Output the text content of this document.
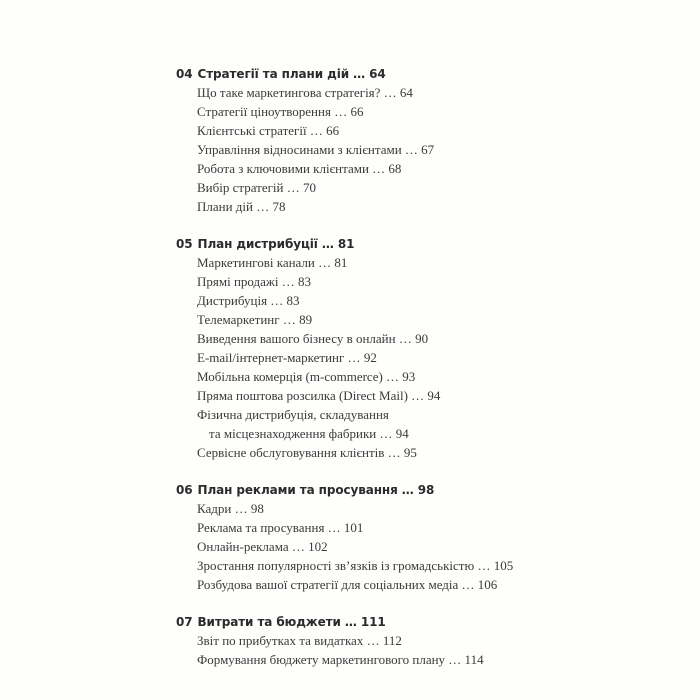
04 Стратегії та плани дій … 64
Що таке маркетингова стратегія? … 64
Стратегії ціноутворення … 66
Клієнтські стратегії … 66
Управління відносинами з клієнтами … 67
Робота з ключовими клієнтами … 68
Вибір стратегій … 70
Плани дій … 78
05 План дистрибуції … 81
Маркетингові канали … 81
Прямі продажі … 83
Дистрибуція … 83
Телемаркетинг … 89
Виведення вашого бізнесу в онлайн … 90
E-mail/інтернет-маркетинг … 92
Мобільна комерція (m-commerce) … 93
Пряма поштова розсилка (Direct Mail) … 94
Фізична дистрибуція, складування
та місцезнаходження фабрики … 94
Сервісне обслуговування клієнтів … 95
06 План реклами та просування … 98
Кадри … 98
Реклама та просування … 101
Онлайн-реклама … 102
Зростання популярності зв’язків із громадськістю … 105
Розбудова вашої стратегії для соціальних медіа … 106
07 Витрати та бюджети … 111
Звіт по прибутках та видатках … 112
Формування бюджету маркетингового плану … 114
